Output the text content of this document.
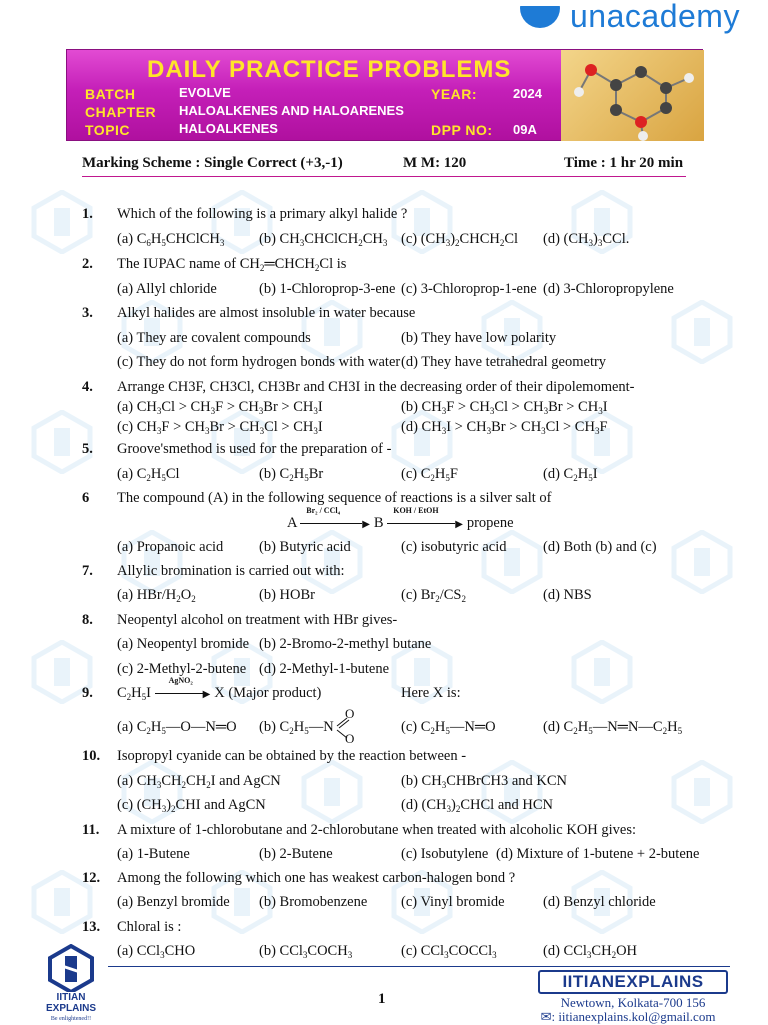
unacademy
DAILY PRACTICE PROBLEMS
BATCH	EVOLVE
CHAPTER HALOALKENES AND HALOARENES
TOPIC	HALOALKENES
YEAR:	2024
DPP NO: 09A
Marking Scheme : Single Correct (+3,-1)	M M: 120	Time : 1 hr 20 min
1. Which of the following is a primary alkyl halide ?
(a) $C_6H_5CHClCH_3$ (b) $CH_3CHClCH_2CH_3$ (c) $(CH_3)_2CHCH_2Cl$ (d) $(CH_3)_3CCl$.
2. The IUPAC name of $CH_2═CHCH_2Cl$ is
(a) Allyl chloride	(b) 1-Chloroprop-3-ene (c) 3-Chloroprop-1-ene (d) 3-Chloropropylene
3. Alkyl halides are almost insoluble in water because
(a) They are covalent compounds	(b) They have low polarity
(c) They do not form hydrogen bonds with water (d) They have tetrahedral geometry
4. Arrange CH3F, CH3Cl, CH3Br and CH3I in the decreasing order of their dipolemoment-
(a) $CH_3Cl > CH_3F > CH_3Br > CH_3I$	(b) $CH_3F > CH_3Cl > CH_3Br > CH_3I$
(c) $CH_3F > CH_3Br > CH_3Cl > CH_3I$	(d) $CH_3I > CH_3Br > CH_3Cl > CH_3F$
5. Groove'smethod is used for the preparation of -
(a) $C_2H_5Cl$	(b) $C_2H_5Br$	(c) $C_2H_5F$	(d) $C_2H_5I$
6 The compound (A) in the following sequence of reactions is a silver salt of
A
Br₂ / CCl₄
▶ B
KOH / EtOH
▶ propene
(a) Propanoic acid (b) Butyric acid	(c) isobutyric acid	(d) Both (b) and (c)
7. Allylic bromination is carried out with:
(a) HBr/$H_2O_2$	(b) HOBr	(c) $Br_2/CS_2$	(d) NBS
8. Neopentyl alcohol on treatment with HBr gives-
(a) Neopentyl bromide (b) 2-Bromo-2-methyl butane
(c) 2-Methyl-2-butene (d) 2-Methyl-1-butene
9. $C_2H_5I$
AgNO₂
▶ X (Major product)	Here X is:
(a) $C_2H_5—O—N═O$ (b) $C_2H_5—N$
O
O
(c) $C_2H_5—N═O$	(d) $C_2H_5—N═N—C_2H_5$
10. Isopropyl cyanide can be obtained by the reaction between -
(a) $CH_3CH_2CH_2I$ and AgCN	(b) $CH_3CHBrCH3$ and KCN
(c) $(CH_3)_2CHI$ and AgCN	(d) $(CH_3)_2CHCl$ and HCN
11. A mixture of 1-chlorobutane and 2-chlorobutane when treated with alcoholic KOH gives:
(a) 1-Butene	(b) 2-Butene	(c) Isobutylene (d) Mixture of 1-butene + 2-butene
12. Among the following which one has weakest carbon-halogen bond ?
(a) Benzyl bromide (b) Bromobenzene (c) Vinyl bromide	(d) Benzyl chloride
13. Chloral is :
(a) CCl$_3$CHO	(b) $CCl_3COCH_3$	(c) CCl$_3$COCCl$_3$	(d) $CCl_3CH_2OH$
IITIAN EXPLAINS
Be enlightened!!
1
IITIANEXPLAINS
Newtown, Kolkata-700 156
✉: iitianexplains.kol@gmail.com
